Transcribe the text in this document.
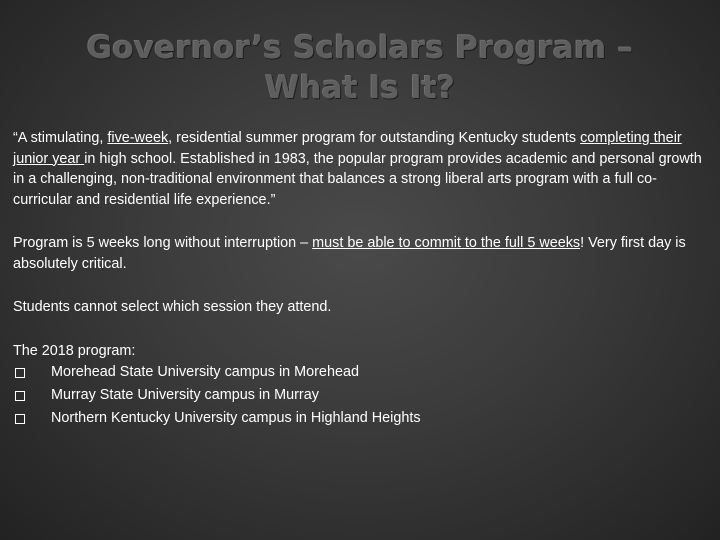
Governor’s Scholars Program – What Is It?

“A stimulating, five-week, residential summer program for outstanding Kentucky students completing their junior year in high school. Established in 1983, the popular program provides academic and personal growth in a challenging, non-traditional environment that balances a strong liberal arts program with a full co-curricular and residential life experience.”

Program is 5 weeks long without interruption – must be able to commit to the full 5 weeks! Very first day is absolutely critical.

Students cannot select which session they attend.

The 2018 program:
Morehead State University campus in Morehead
Murray State University campus in Murray
Northern Kentucky University campus in Highland Heights
